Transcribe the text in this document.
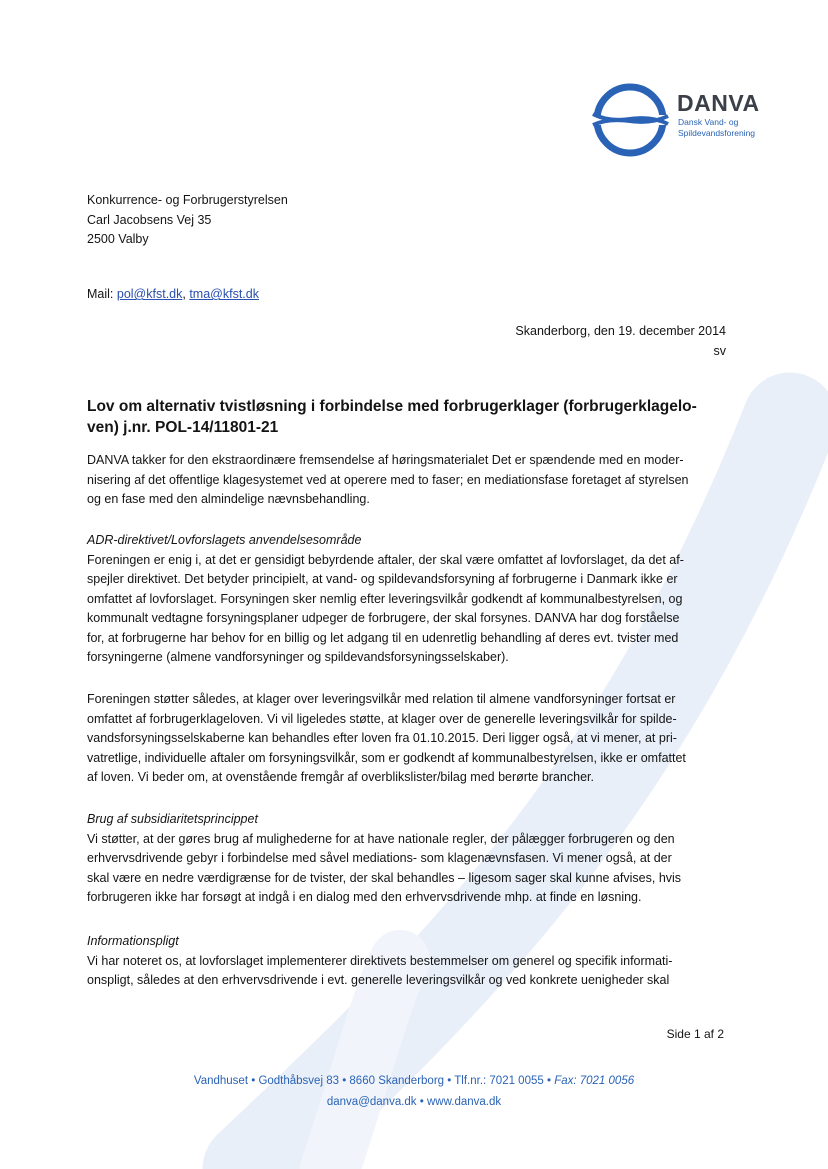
DANVA
Dansk Vand- og
Spildevandsforening
Konkurrence- og Forbrugerstyrelsen
Carl Jacobsens Vej 35
2500 Valby
Mail: pol@kfst.dk, tma@kfst.dk
Skanderborg, den 19. december 2014
sv
Lov om alternativ tvistløsning i forbindelse med forbrugerklager (forbrugerklagelo-
ven) j.nr. POL-14/11801-21
DANVA takker for den ekstraordinære fremsendelse af høringsmaterialet Det er spændende med en moder-
nisering af det offentlige klagesystemet ved at operere med to faser; en mediationsfase foretaget af styrelsen
og en fase med den almindelige nævnsbehandling.
ADR-direktivet/Lovforslagets anvendelsesområde
Foreningen er enig i, at det er gensidigt bebyrdende aftaler, der skal være omfattet af lovforslaget, da det af-
spejler direktivet. Det betyder principielt, at vand- og spildevandsforsyning af forbrugerne i Danmark ikke er
omfattet af lovforslaget. Forsyningen sker nemlig efter leveringsvilkår godkendt af kommunalbestyrelsen, og
kommunalt vedtagne forsyningsplaner udpeger de forbrugere, der skal forsynes. DANVA har dog forståelse
for, at forbrugerne har behov for en billig og let adgang til en udenretlig behandling af deres evt. tvister med
forsyningerne (almene vandforsyninger og spildevandsforsyningsselskaber).
Foreningen støtter således, at klager over leveringsvilkår med relation til almene vandforsyninger fortsat er
omfattet af forbrugerklageloven. Vi vil ligeledes støtte, at klager over de generelle leveringsvilkår for spilde-
vandsforsyningsselskaberne kan behandles efter loven fra 01.10.2015. Deri ligger også, at vi mener, at pri-
vatretlige, individuelle aftaler om forsyningsvilkår, som er godkendt af kommunalbestyrelsen, ikke er omfattet
af loven. Vi beder om, at ovenstående fremgår af overblikslister/bilag med berørte brancher.
Brug af subsidiaritetsprincippet
Vi støtter, at der gøres brug af mulighederne for at have nationale regler, der pålægger forbrugeren og den
erhvervsdrivende gebyr i forbindelse med såvel mediations- som klagenævnsfasen. Vi mener også, at der
skal være en nedre værdigrænse for de tvister, der skal behandles – ligesom sager skal kunne afvises, hvis
forbrugeren ikke har forsøgt at indgå i en dialog med den erhvervsdrivende mhp. at finde en løsning.
Informationspligt
Vi har noteret os, at lovforslaget implementerer direktivets bestemmelser om generel og specifik informati-
onspligt, således at den erhvervsdrivende i evt. generelle leveringsvilkår og ved konkrete uenigheder skal
Side 1 af 2
Vandhuset • Godthåbsvej 83 • 8660 Skanderborg • Tlf.nr.: 7021 0055 • Fax: 7021 0056
danva@danva.dk • www.danva.dk
